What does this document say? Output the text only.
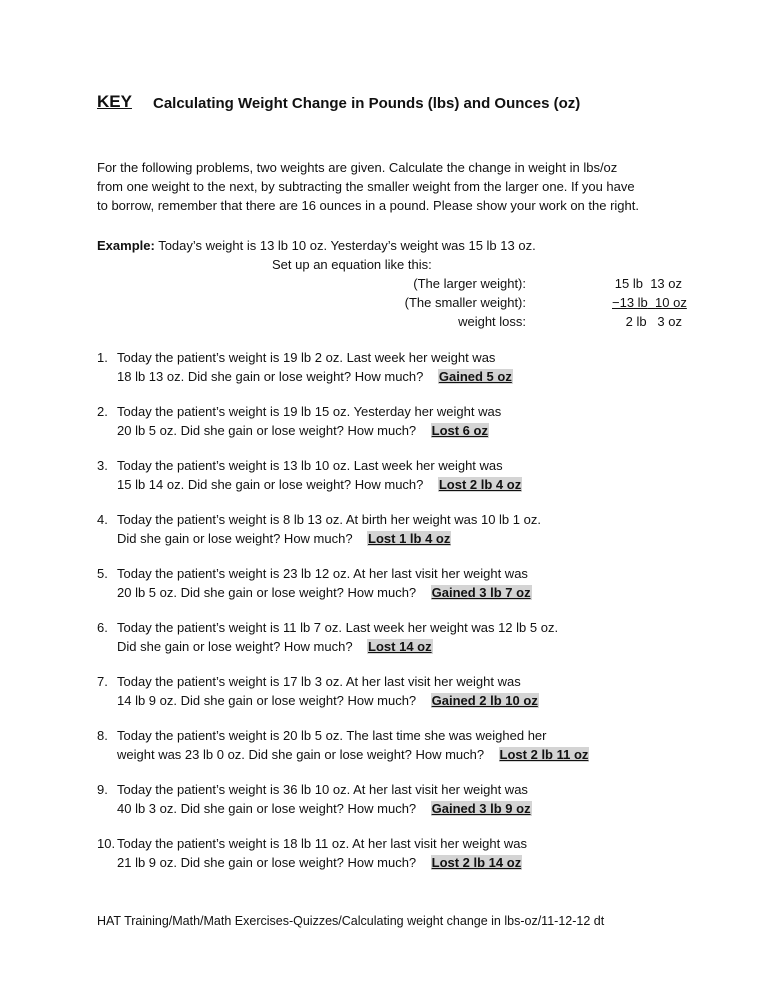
KEY Calculating Weight Change in Pounds (lbs) and Ounces (oz)
For the following problems, two weights are given. Calculate the change in weight in lbs/oz
from one weight to the next, by subtracting the smaller weight from the larger one. If you have
to borrow, remember that there are 16 ounces in a pound. Please show your work on the right.
Example: Today’s weight is 13 lb 10 oz. Yesterday’s weight was 15 lb 13 oz.
Set up an equation like this:
(The larger weight):	15 lb 13 oz
(The smaller weight):	−13 lb 10 oz
weight loss:	2 lb 3 oz
1. Today the patient’s weight is 19 lb 2 oz. Last week her weight was
18 lb 13 oz. Did she gain or lose weight? How much? Gained 5 oz
2. Today the patient’s weight is 19 lb 15 oz. Yesterday her weight was
20 lb 5 oz. Did she gain or lose weight? How much? Lost 6 oz
3. Today the patient’s weight is 13 lb 10 oz. Last week her weight was
15 lb 14 oz. Did she gain or lose weight? How much? Lost 2 lb 4 oz
4. Today the patient’s weight is 8 lb 13 oz. At birth her weight was 10 lb 1 oz.
Did she gain or lose weight? How much? Lost 1 lb 4 oz
5. Today the patient’s weight is 23 lb 12 oz. At her last visit her weight was
20 lb 5 oz. Did she gain or lose weight? How much? Gained 3 lb 7 oz
6. Today the patient’s weight is 11 lb 7 oz. Last week her weight was 12 lb 5 oz.
Did she gain or lose weight? How much? Lost 14 oz
7. Today the patient’s weight is 17 lb 3 oz. At her last visit her weight was
14 lb 9 oz. Did she gain or lose weight? How much? Gained 2 lb 10 oz
8. Today the patient’s weight is 20 lb 5 oz. The last time she was weighed her
weight was 23 lb 0 oz. Did she gain or lose weight? How much? Lost 2 lb 11 oz
9. Today the patient’s weight is 36 lb 10 oz. At her last visit her weight was
40 lb 3 oz. Did she gain or lose weight? How much? Gained 3 lb 9 oz
10. Today the patient’s weight is 18 lb 11 oz. At her last visit her weight was
21 lb 9 oz. Did she gain or lose weight? How much? Lost 2 lb 14 oz
HAT Training/Math/Math Exercises-Quizzes/Calculating weight change in lbs-oz/11-12-12 dt
